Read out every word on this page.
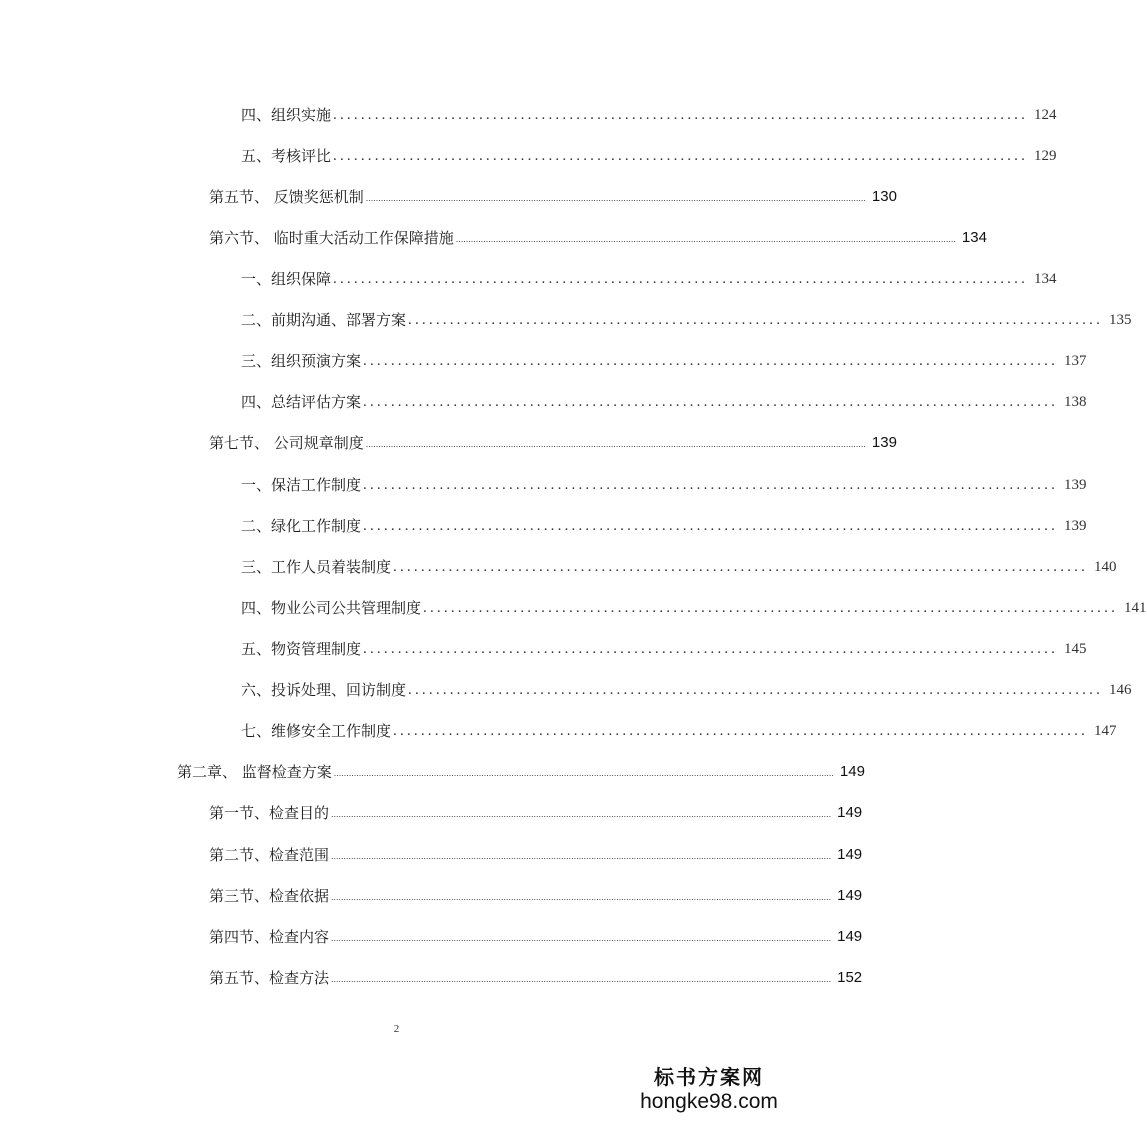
四、组织实施 .................................................................................................... 124
五、考核评比 .................................................................................................... 129
第五节、 反馈奖惩机制 ........................................................................................................................................................................................................ 130
第六节、 临时重大活动工作保障措施 ........................................................................................................................................................................................................ 134
一、组织保障 .................................................................................................... 134
二、前期沟通、部署方案 .................................................................................................... 135
三、组织预演方案 .................................................................................................... 137
四、总结评估方案 .................................................................................................... 138
第七节、 公司规章制度 ........................................................................................................................................................................................................ 139
一、保洁工作制度 .................................................................................................... 139
二、绿化工作制度 .................................................................................................... 139
三、工作人员着装制度 .................................................................................................... 140
四、物业公司公共管理制度 .................................................................................................... 141
五、物资管理制度 .................................................................................................... 145
六、投诉处理、回访制度 .................................................................................................... 146
七、维修安全工作制度 .................................................................................................... 147
第二章、 监督检查方案 ........................................................................................................................................................................................................ 149
第一节、检查目的 ........................................................................................................................................................................................................ 149
第二节、检查范围 ........................................................................................................................................................................................................ 149
第三节、检查依据 ........................................................................................................................................................................................................ 149
第四节、检查内容 ........................................................................................................................................................................................................ 149
第五节、检查方法 ........................................................................................................................................................................................................ 152
2
标书方案网
hongke98.com
